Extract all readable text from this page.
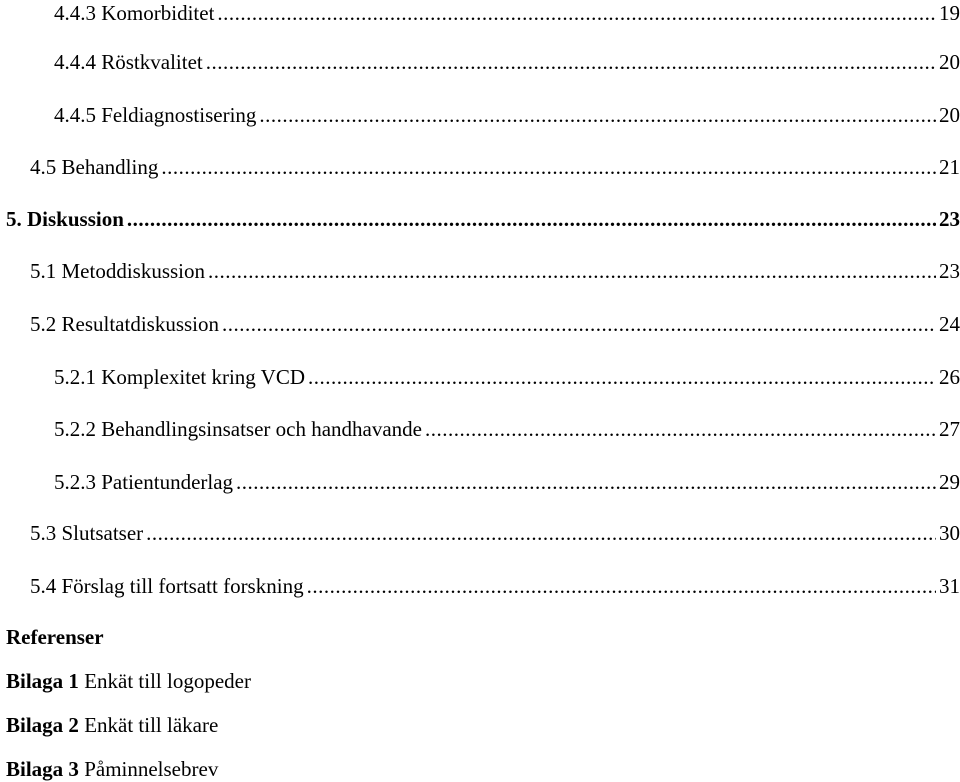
4.4.3 Komorbiditet .....	19
4.4.4 Röstkvalitet .....	20
4.4.5 Feldiagnostisering .....	20
4.5 Behandling .....	21
5. Diskussion .....	23
5.1 Metoddiskussion .....	23
5.2 Resultatdiskussion .....	24
5.2.1 Komplexitet kring VCD .....	26
5.2.2 Behandlingsinsatser och handhavande .....	27
5.2.3 Patientunderlag .....	29
5.3 Slutsatser .....	30
5.4 Förslag till fortsatt forskning .....	31
Referenser
Bilaga 1 Enkät till logopeder
Bilaga 2 Enkät till läkare
Bilaga 3 Påminnelsebrev
